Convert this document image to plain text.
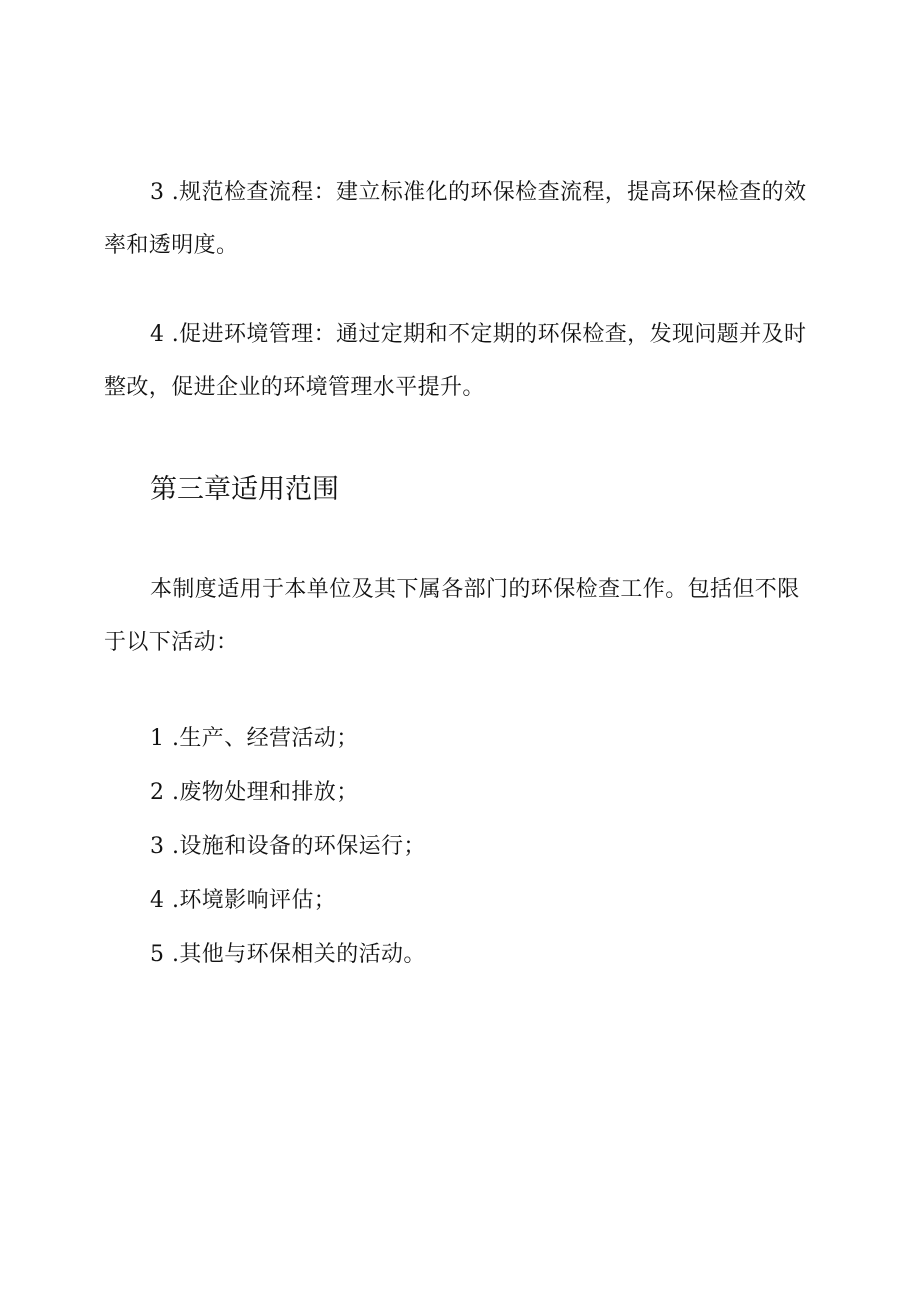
3 .规范检查流程：建立标准化的环保检查流程，提高环保检查的效率和透明度。

4 .促进环境管理：通过定期和不定期的环保检查，发现问题并及时整改，促进企业的环境管理水平提升。

第三章适用范围

本制度适用于本单位及其下属各部门的环保检查工作。包括但不限于以下活动：

1 .生产、经营活动；
2 .废物处理和排放；
3 .设施和设备的环保运行；
4 .环境影响评估；
5 .其他与环保相关的活动。
